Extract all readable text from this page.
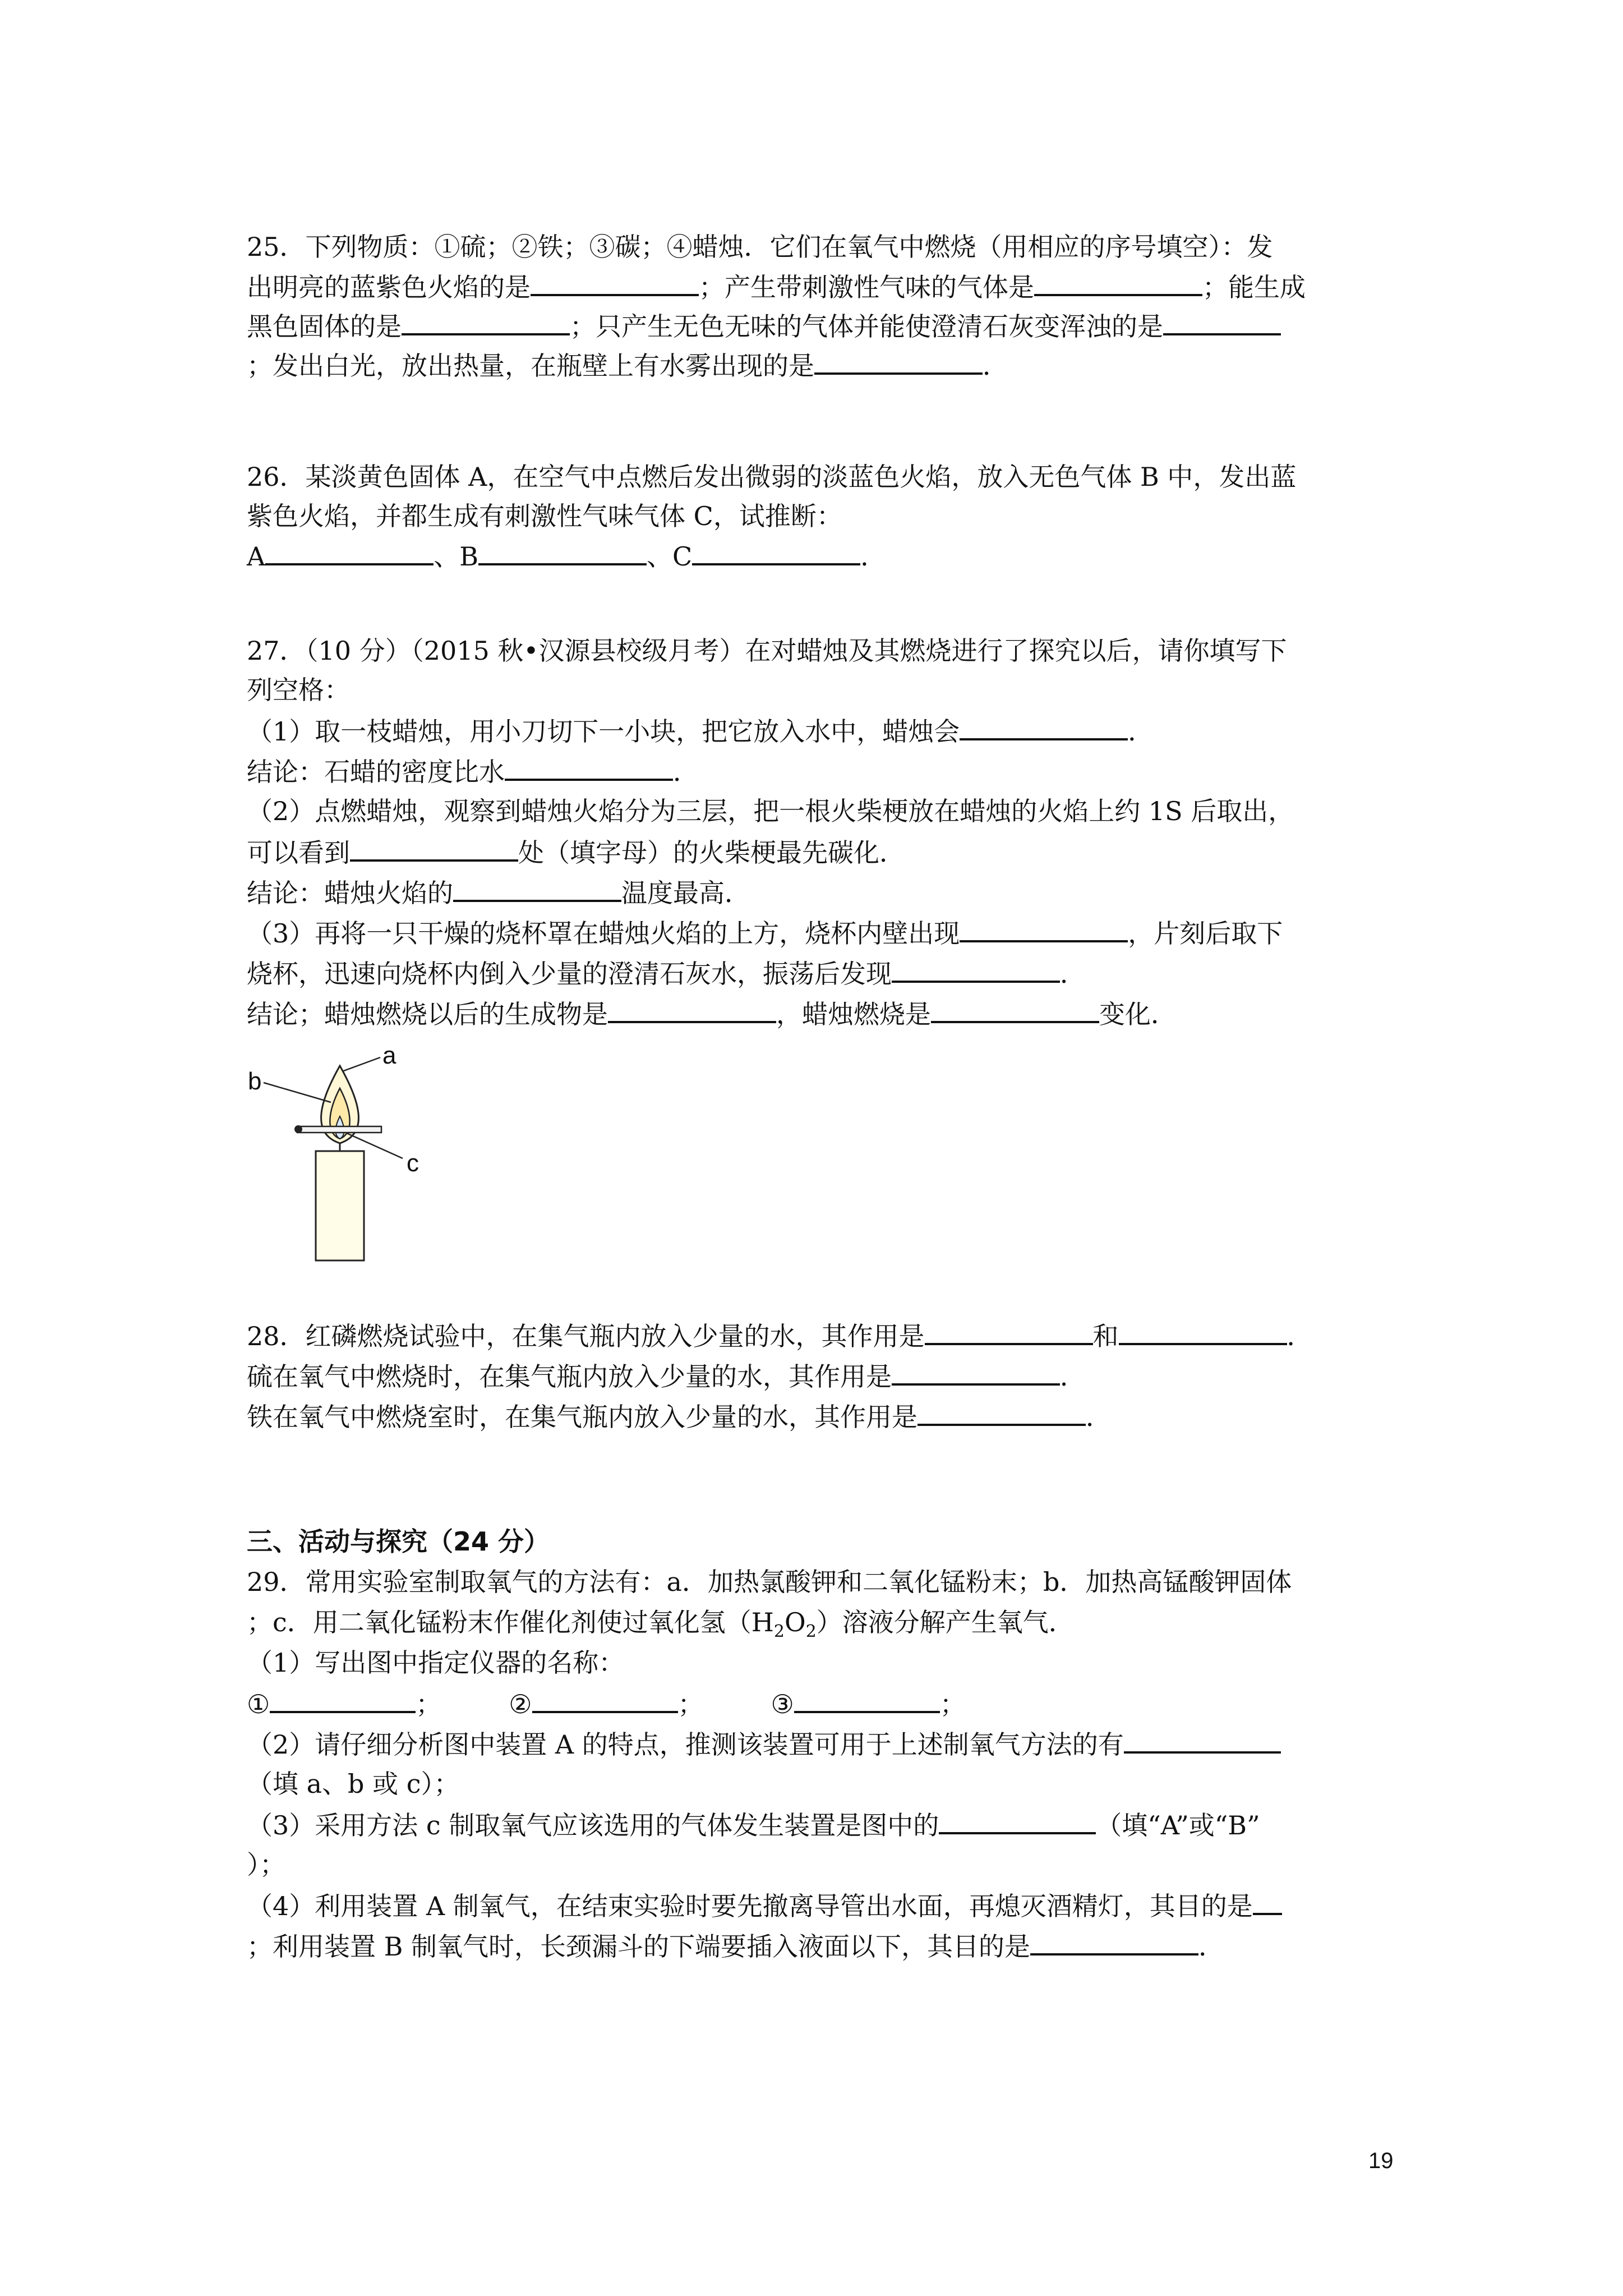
25．下列物质：①硫；②铁；③碳；④蜡烛．它们在氧气中燃烧（用相应的序号填空）：发
出明亮的蓝紫色火焰的是	；产生带刺激性气味的气体是	；能生成
黑色固体的是	；只产生无色无味的气体并能使澄清石灰变浑浊的是
；发出白光，放出热量，在瓶壁上有水雾出现的是	．
26．某淡黄色固体 A，在空气中点燃后发出微弱的淡蓝色火焰，放入无色气体 B 中，发出蓝
紫色火焰，并都生成有刺激性气味气体 C，试推断：
A	、B	、C	．
27．（10 分）（2015 秋•汉源县校级月考）在对蜡烛及其燃烧进行了探究以后，请你填写下
列空格：
（1）取一枝蜡烛，用小刀切下一小块，把它放入水中，蜡烛会	．
结论：石蜡的密度比水	．
（2）点燃蜡烛，观察到蜡烛火焰分为三层，把一根火柴梗放在蜡烛的火焰上约 1S 后取出，
可以看到	处（填字母）的火柴梗最先碳化．
结论：蜡烛火焰的	温度最高．
（3）再将一只干燥的烧杯罩在蜡烛火焰的上方，烧杯内壁出现	，片刻后取下
烧杯，迅速向烧杯内倒入少量的澄清石灰水，振荡后发现	．
结论；蜡烛燃烧以后的生成物是	，蜡烛燃烧是	变化．
a
b
c
28．红磷燃烧试验中，在集气瓶内放入少量的水，其作用是	和	．
硫在氧气中燃烧时，在集气瓶内放入少量的水，其作用是	．
铁在氧气中燃烧室时，在集气瓶内放入少量的水，其作用是	．
三、活动与探究（24 分）
29．常用实验室制取氧气的方法有：a．加热氯酸钾和二氧化锰粉末；b．加热高锰酸钾固体
；c．用二氧化锰粉末作催化剂使过氧化氢$(H_2O_2)$溶液分解产生氧气．
（1）写出图中指定仪器的名称：
①	；	②	；	③	；
（2）请仔细分析图中装置 A 的特点，推测该装置可用于上述制氧气方法的有
（填 a、b 或 c）；
（3）采用方法 c 制取氧气应该选用的气体发生装置是图中的	（填“A”或“B”
）；
（4）利用装置 A 制氧气，在结束实验时要先撤离导管出水面，再熄灭酒精灯，其目的是
；利用装置 B 制氧气时，长颈漏斗的下端要插入液面以下，其目的是	．
19
